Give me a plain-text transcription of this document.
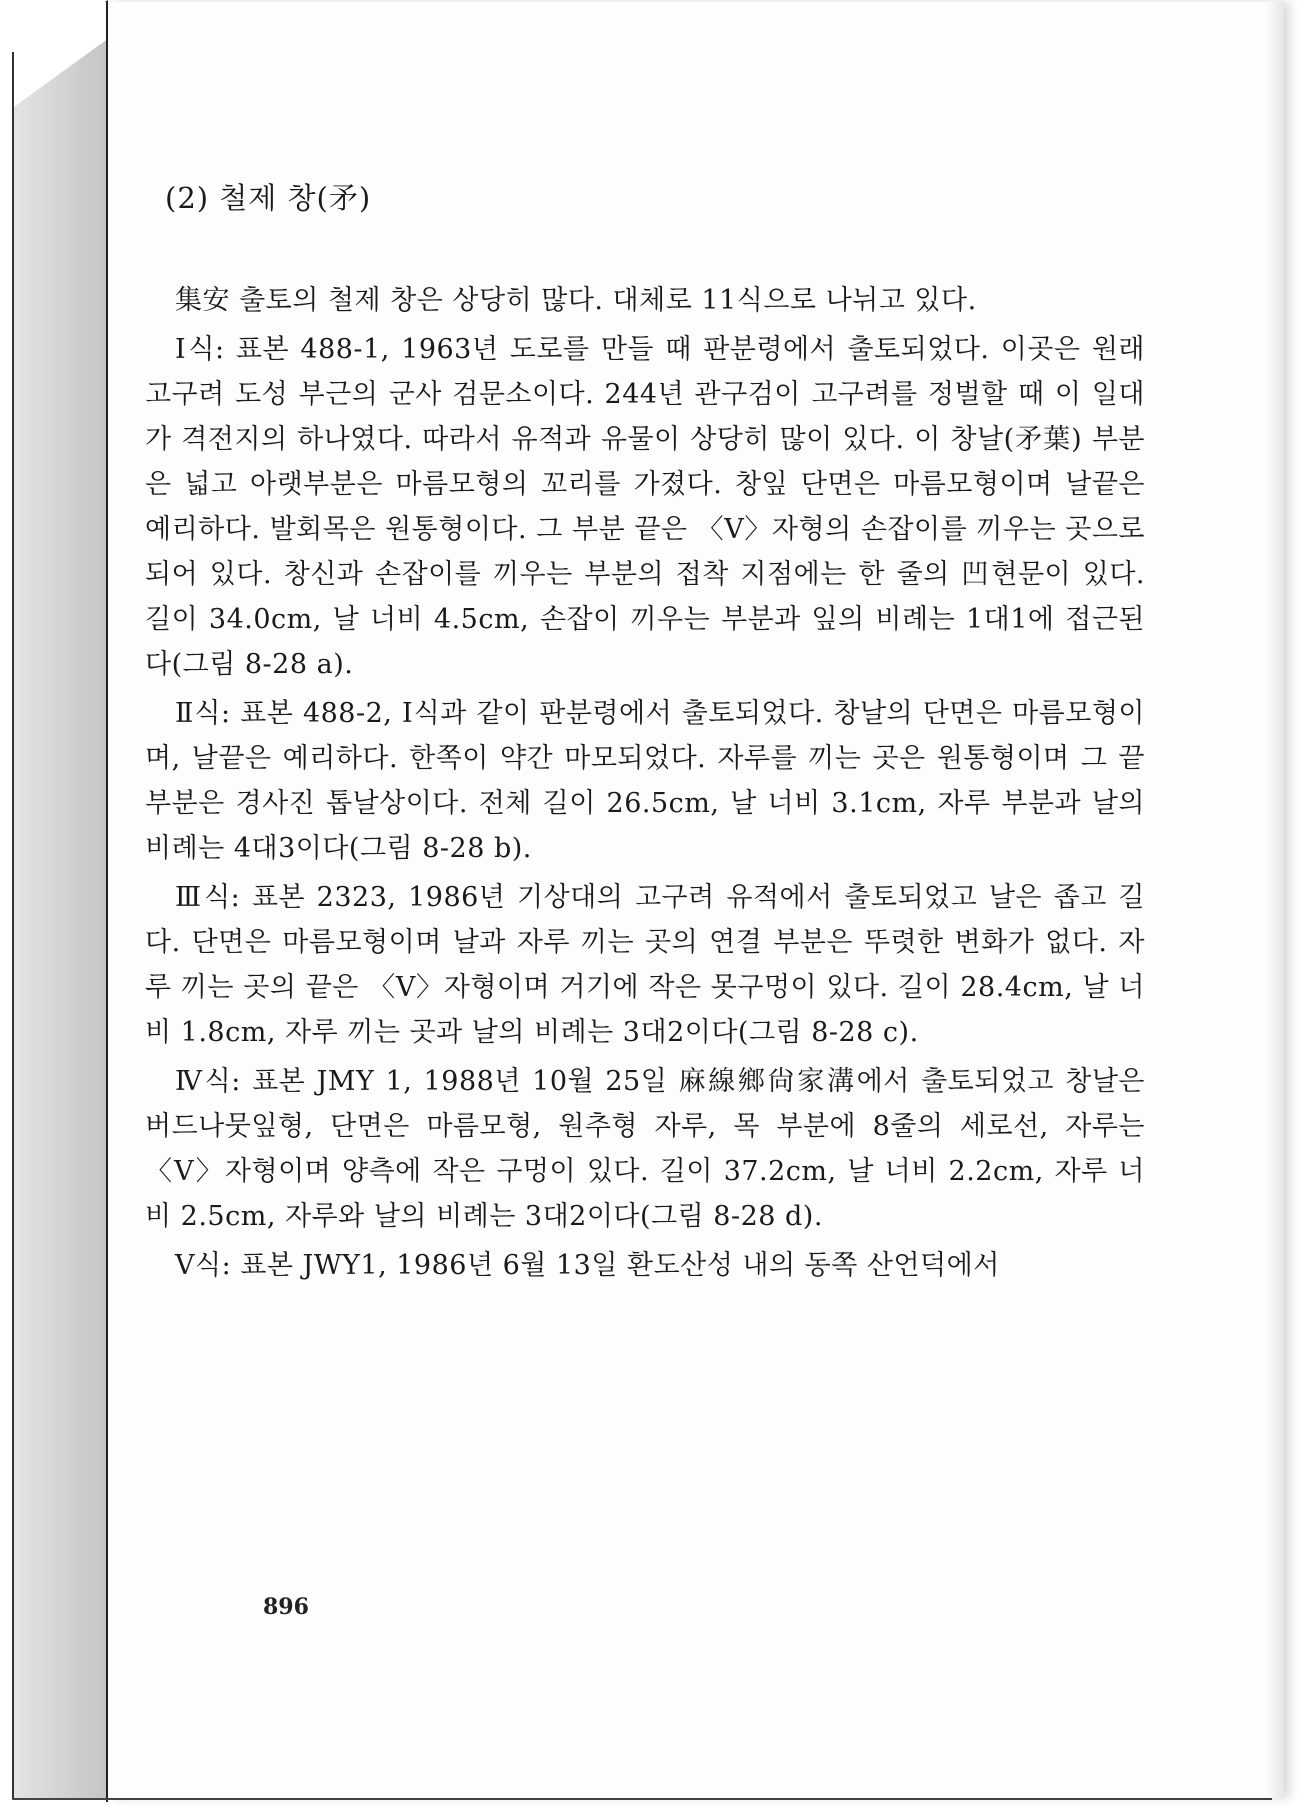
(2) 철제 창(矛)

集安 출토의 철제 창은 상당히 많다. 대체로 11식으로 나뉘고 있다.

Ⅰ식: 표본 488-1, 1963년 도로를 만들 때 판분령에서 출토되었다. 이곳은 원래 고구려 도성 부근의 군사 검문소이다. 244년 관구검이 고구려를 정벌할 때 이 일대가 격전지의 하나였다. 따라서 유적과 유물이 상당히 많이 있다. 이 창날(矛葉) 부분은 넓고 아랫부분은 마름모형의 꼬리를 가졌다. 창잎 단면은 마름모형이며 날끝은 예리하다. 발회목은 원통형이다. 그 부분 끝은 〈V〉자형의 손잡이를 끼우는 곳으로 되어 있다. 창신과 손잡이를 끼우는 부분의 접착 지점에는 한 줄의 凹현문이 있다. 길이 34.0cm, 날 너비 4.5cm, 손잡이 끼우는 부분과 잎의 비례는 1대1에 접근된다(그림 8-28 a).

Ⅱ식: 표본 488-2, Ⅰ식과 같이 판분령에서 출토되었다. 창날의 단면은 마름모형이며, 날끝은 예리하다. 한쪽이 약간 마모되었다. 자루를 끼는 곳은 원통형이며 그 끝부분은 경사진 톱날상이다. 전체 길이 26.5cm, 날 너비 3.1cm, 자루 부분과 날의 비례는 4대3이다(그림 8-28 b).

Ⅲ식: 표본 2323, 1986년 기상대의 고구려 유적에서 출토되었고 날은 좁고 길다. 단면은 마름모형이며 날과 자루 끼는 곳의 연결 부분은 뚜렷한 변화가 없다. 자루 끼는 곳의 끝은 〈V〉자형이며 거기에 작은 못구멍이 있다. 길이 28.4cm, 날 너비 1.8cm, 자루 끼는 곳과 날의 비례는 3대2이다(그림 8-28 c).

Ⅳ식: 표본 JMY 1, 1988년 10월 25일 麻線鄉尙家溝에서 출토되었고 창날은 버드나뭇잎형, 단면은 마름모형, 원추형 자루, 목 부분에 8줄의 세로선, 자루는 〈V〉자형이며 양측에 작은 구멍이 있다. 길이 37.2cm, 날 너비 2.2cm, 자루 너비 2.5cm, 자루와 날의 비례는 3대2이다(그림 8-28 d).

Ⅴ식: 표본 JWY1, 1986년 6월 13일 환도산성 내의 동쪽 산언덕에서

896
